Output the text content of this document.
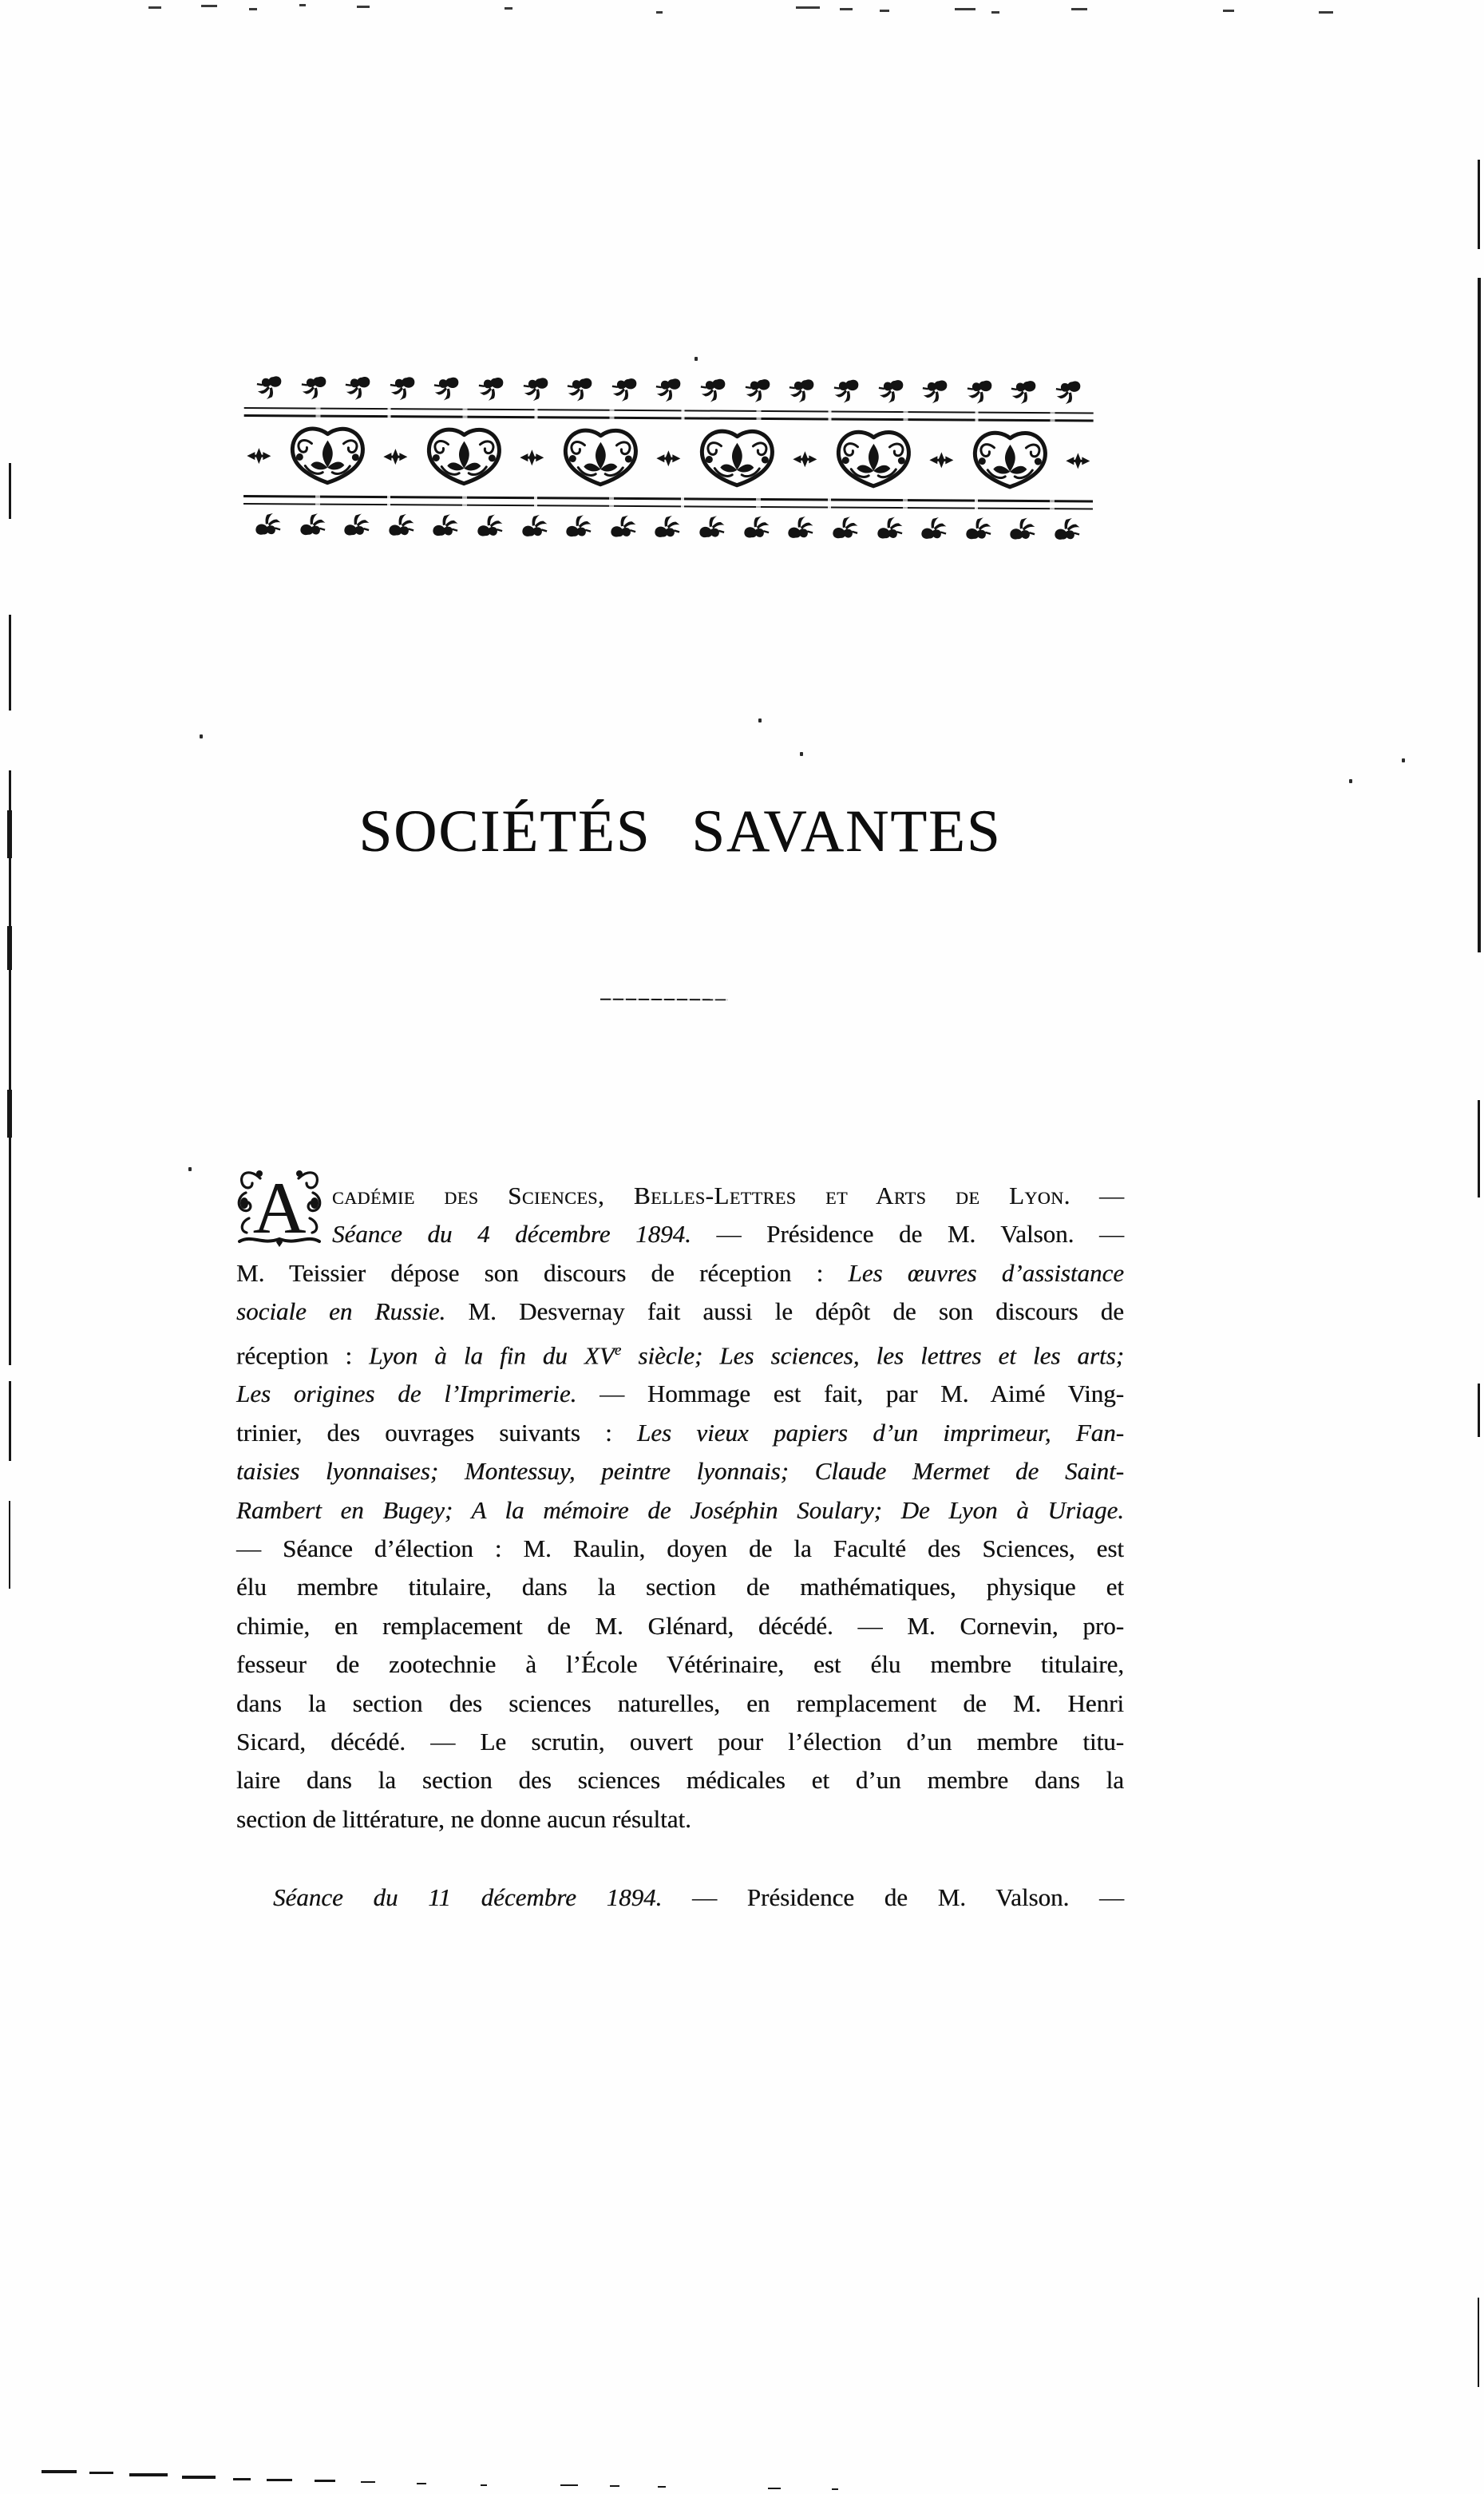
SOCIÉTÉS SAVANTES
A	cadémie des Sciences, Belles-Lettres et Arts de Lyon. —
Séance du 4 décembre 1894. — Présidence de M. Valson. —
M. Teissier dépose son discours de réception : Les œuvres d’assistance
sociale en Russie. M. Desvernay fait aussi le dépôt de son discours de
réception : Lyon à la fin du XVe siècle; Les sciences, les lettres et les arts;
Les origines de l’Imprimerie. — Hommage est fait, par M. Aimé Ving-
trinier, des ouvrages suivants : Les vieux papiers d’un imprimeur, Fan-
taisies lyonnaises; Montessuy, peintre lyonnais; Claude Mermet de Saint-
Rambert en Bugey; A la mémoire de Joséphin Soulary; De Lyon à Uriage.
— Séance d’élection : M. Raulin, doyen de la Faculté des Sciences, est
élu membre titulaire, dans la section de mathématiques, physique et
chimie, en remplacement de M. Glénard, décédé. — M. Cornevin, pro-
fesseur de zootechnie à l’École Vétérinaire, est élu membre titulaire,
dans la section des sciences naturelles, en remplacement de M. Henri
Sicard, décédé. — Le scrutin, ouvert pour l’élection d’un membre titu-
laire dans la section des sciences médicales et d’un membre dans la
section de littérature, ne donne aucun résultat.
Séance du 11 décembre 1894. — Présidence de M. Valson. —
